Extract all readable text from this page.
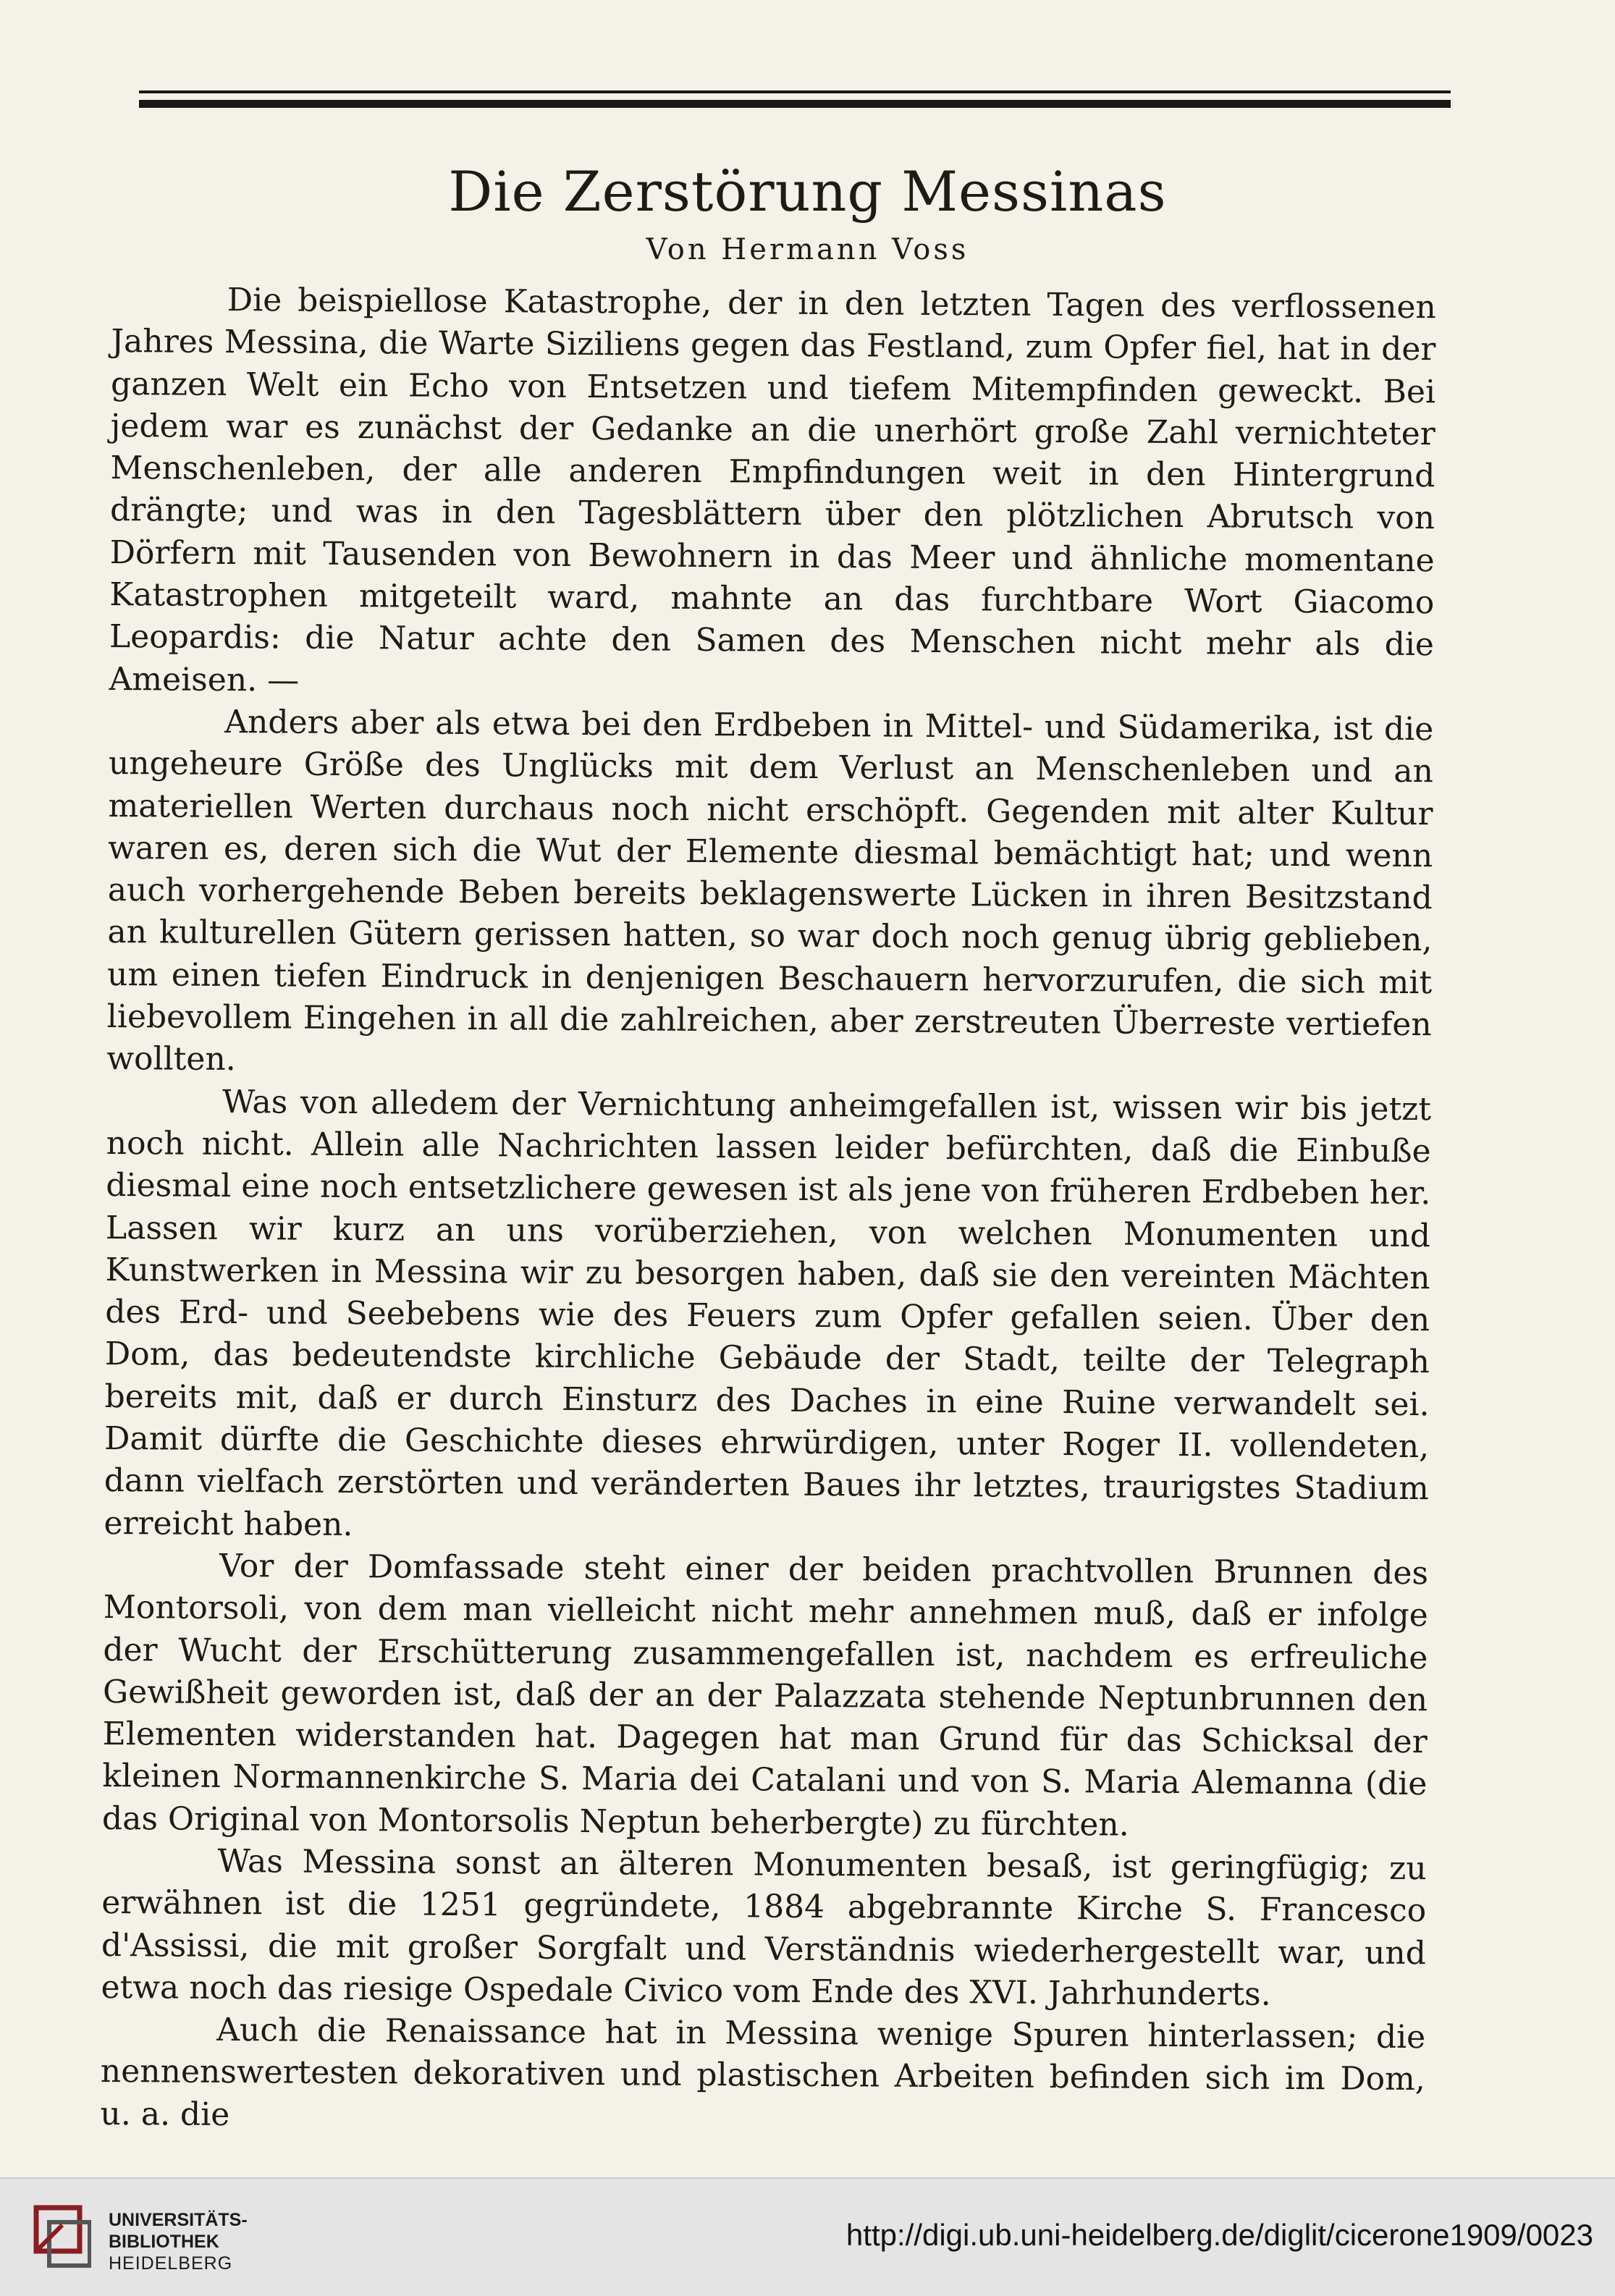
Die Zerstörung Messinas
Von Hermann Voss

Die beispiellose Katastrophe, der in den letzten Tagen des verflossenen Jahres Messina, die Warte Siziliens gegen das Festland, zum Opfer fiel, hat in der ganzen Welt ein Echo von Entsetzen und tiefem Mitempfinden geweckt. Bei jedem war es zunächst der Gedanke an die unerhört große Zahl vernichteter Menschenleben, der alle anderen Empfindungen weit in den Hintergrund drängte; und was in den Tagesblättern über den plötzlichen Abrutsch von Dörfern mit Tausenden von Bewohnern in das Meer und ähnliche momentane Katastrophen mitgeteilt ward, mahnte an das furchtbare Wort Giacomo Leopardis: die Natur achte den Samen des Menschen nicht mehr als die Ameisen. —

Anders aber als etwa bei den Erdbeben in Mittel- und Südamerika, ist die ungeheure Größe des Unglücks mit dem Verlust an Menschenleben und an materiellen Werten durchaus noch nicht erschöpft. Gegenden mit alter Kultur waren es, deren sich die Wut der Elemente diesmal bemächtigt hat; und wenn auch vorhergehende Beben bereits beklagenswerte Lücken in ihren Besitzstand an kulturellen Gütern gerissen hatten, so war doch noch genug übrig geblieben, um einen tiefen Eindruck in denjenigen Beschauern hervorzurufen, die sich mit liebevollem Eingehen in all die zahlreichen, aber zerstreuten Überreste vertiefen wollten.

Was von alledem der Vernichtung anheimgefallen ist, wissen wir bis jetzt noch nicht. Allein alle Nachrichten lassen leider befürchten, daß die Einbuße diesmal eine noch entsetzlichere gewesen ist als jene von früheren Erdbeben her. Lassen wir kurz an uns vorüberziehen, von welchen Monumenten und Kunstwerken in Messina wir zu besorgen haben, daß sie den vereinten Mächten des Erd- und Seebebens wie des Feuers zum Opfer gefallen seien. Über den Dom, das bedeutendste kirchliche Gebäude der Stadt, teilte der Telegraph bereits mit, daß er durch Einsturz des Daches in eine Ruine verwandelt sei. Damit dürfte die Geschichte dieses ehrwürdigen, unter Roger II. vollendeten, dann vielfach zerstörten und veränderten Baues ihr letztes, traurigstes Stadium erreicht haben.

Vor der Domfassade steht einer der beiden prachtvollen Brunnen des Montorsoli, von dem man vielleicht nicht mehr annehmen muß, daß er infolge der Wucht der Erschütterung zusammengefallen ist, nachdem es erfreuliche Gewißheit geworden ist, daß der an der Palazzata stehende Neptunbrunnen den Elementen widerstanden hat. Dagegen hat man Grund für das Schicksal der kleinen Normannenkirche S. Maria dei Catalani und von S. Maria Alemanna (die das Original von Montorsolis Neptun beherbergte) zu fürchten.

Was Messina sonst an älteren Monumenten besaß, ist geringfügig; zu erwähnen ist die 1251 gegründete, 1884 abgebrannte Kirche S. Francesco d'Assissi, die mit großer Sorgfalt und Verständnis wiederhergestellt war, und etwa noch das riesige Ospedale Civico vom Ende des XVI. Jahrhunderts.

Auch die Renaissance hat in Messina wenige Spuren hinterlassen; die nennenswertesten dekorativen und plastischen Arbeiten befinden sich im Dom, u. a. die

UNIVERSITÄTS-
BIBLIOTHEK
HEIDELBERG
http://digi.ub.uni-heidelberg.de/diglit/cicerone1909/0023
